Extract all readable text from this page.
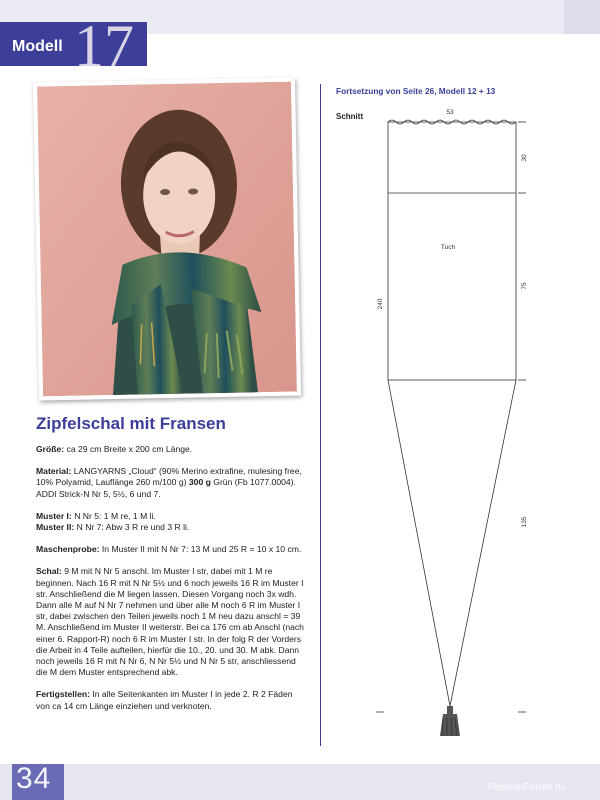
Modell 17
Zipfelschal mit Fransen

Größe: ca 29 cm Breite x 200 cm Länge.

Material: LANGYARNS „Cloud“ (90% Merino extrafine, mulesing free, 10% Polyamid, Lauflänge 260 m/100 g) 300 g Grün (Fb 1077.0004). ADDI Strick-N Nr 5, 5½, 6 und 7.

Muster I: N Nr 5: 1 M re, 1 M li.
Muster II: N Nr 7: Abw 3 R re und 3 R li.

Maschenprobe: In Muster II mit N Nr 7: 13 M und 25 R = 10 x 10 cm.

Schal: 9 M mit N Nr 5 anschl. Im Muster I str, dabei mit 1 M re beginnen. Nach 16 R mit N Nr 5½ und 6 noch jeweils 16 R im Muster I str. Anschließend die M liegen lassen. Diesen Vorgang noch 3x wdh. Dann alle M auf N Nr 7 nehmen und über alle M noch 6 R im Muster I str, dabei zwischen den Teilen jeweils noch 1 M neu dazu anschl = 39 M. Anschließend im Muster II weiterstr. Bei ca 176 cm ab Anschl (nach einer 6. Rapport-R) noch 6 R im Muster I str. In der folg R der Vorders die Arbeit in 4 Teile aufteilen, hierfür die 10., 20. und 30. M abk. Dann noch jeweils 16 R mit N Nr 6, N Nr 5½ und N Nr 5 str, anschliessend die M dem Muster entsprechend abk.

Fertigstellen: In alle Seitenkanten im Muster I in jede 2. R 2 Fäden von ca 14 cm Länge einziehen und verknoten.

Fortsetzung von Seite 26, Modell 12 + 13
53
Tuch
240
30
75
135
Schnitt
34	PassionForum.ru
